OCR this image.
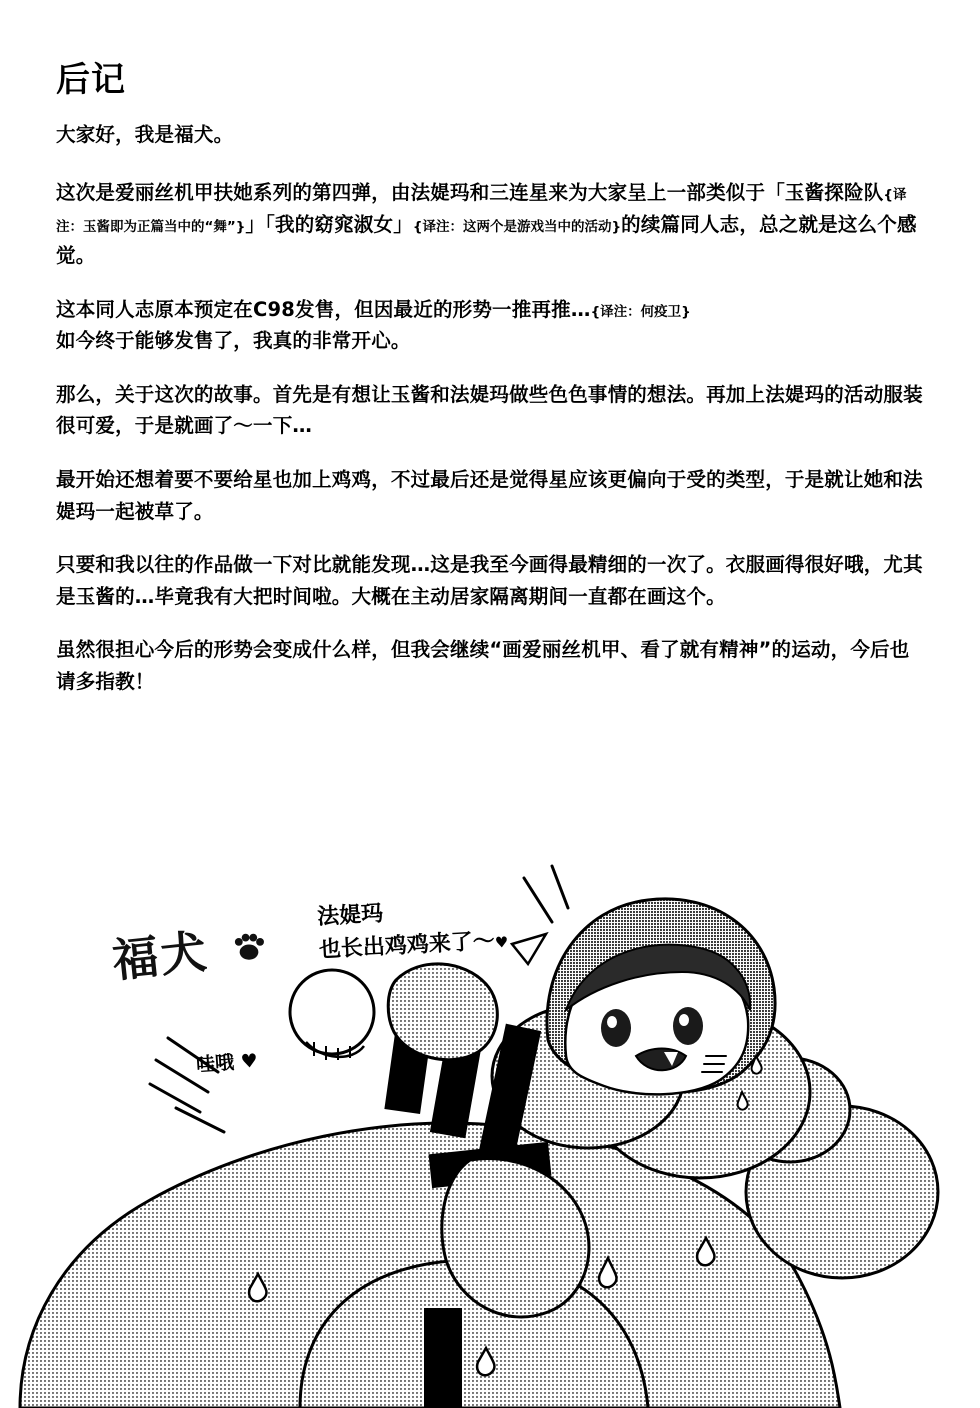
后记

大家好，我是福犬。

这次是爱丽丝机甲扶她系列的第四弹，由法媞玛和三连星来为大家呈上一部类似于「玉酱探险队{译注：玉酱即为正篇当中的“舞”}」「我的窈窕淑女」{译注：这两个是游戏当中的活动}的续篇同人志，总之就是这么个感觉。

这本同人志原本预定在C98发售，但因最近的形势一推再推…{译注：何疫卫}
如今终于能够发售了，我真的非常开心。

那么，关于这次的故事。首先是有想让玉酱和法媞玛做些色色事情的想法。再加上法媞玛的活动服装很可爱，于是就画了～一下…

最开始还想着要不要给星也加上鸡鸡，不过最后还是觉得星应该更偏向于受的类型，于是就让她和法媞玛一起被草了。

只要和我以往的作品做一下对比就能发现…这是我至今画得最精细的一次了。衣服画得很好哦，尤其是玉酱的…毕竟我有大把时间啦。大概在主动居家隔离期间一直都在画这个。

虽然很担心今后的形势会变成什么样，但我会继续“画爱丽丝机甲、看了就有精神”的运动，今后也请多指教！

福犬
法媞玛
也长出鸡鸡来了～♥
哇哦 ♥
